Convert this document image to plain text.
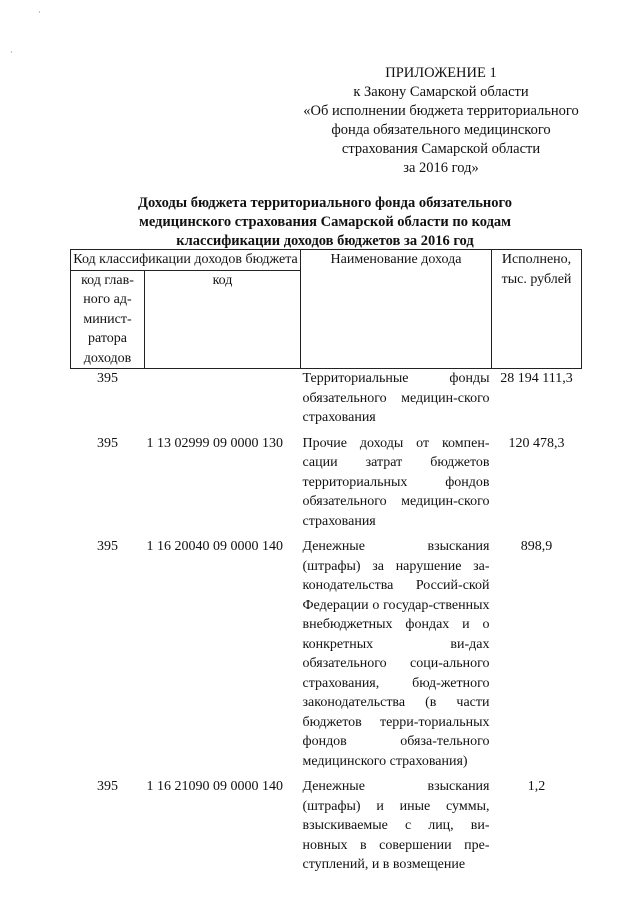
ПРИЛОЖЕНИЕ 1
к Закону Самарской области
«Об исполнении бюджета территориального
фонда обязательного медицинского
страхования Самарской области
за 2016 год»
Доходы бюджета территориального фонда обязательного
медицинского страхования Самарской области по кодам
классификации доходов бюджетов за 2016 год
Код классификации доходов бюджета		Наименование дохода	Исполнено, тыс. рублей
код глав-ного ад-минист-ратора доходов	код		
395		Территориальные фонды обязательного медицин-ского страхования	28 194 111,3
395	1 13 02999 09 0000 130	Прочие доходы от компен-сации затрат бюджетов территориальных фондов обязательного медицин-ского страхования	120 478,3
395	1 16 20040 09 0000 140	Денежные взыскания (штрафы) за нарушение за-конодательства Россий-ской Федерации о государ-ственных внебюджетных фондах и о конкретных ви-дах обязательного соци-ального страхования, бюд-жетного законодательства (в части бюджетов терри-ториальных фондов обяза-тельного медицинского страхования)	898,9
395	1 16 21090 09 0000 140	Денежные взыскания (штрафы) и иные суммы, взыскиваемые с лиц, ви-новных в совершении пре-ступлений, и в возмещение	1,2
·
·
